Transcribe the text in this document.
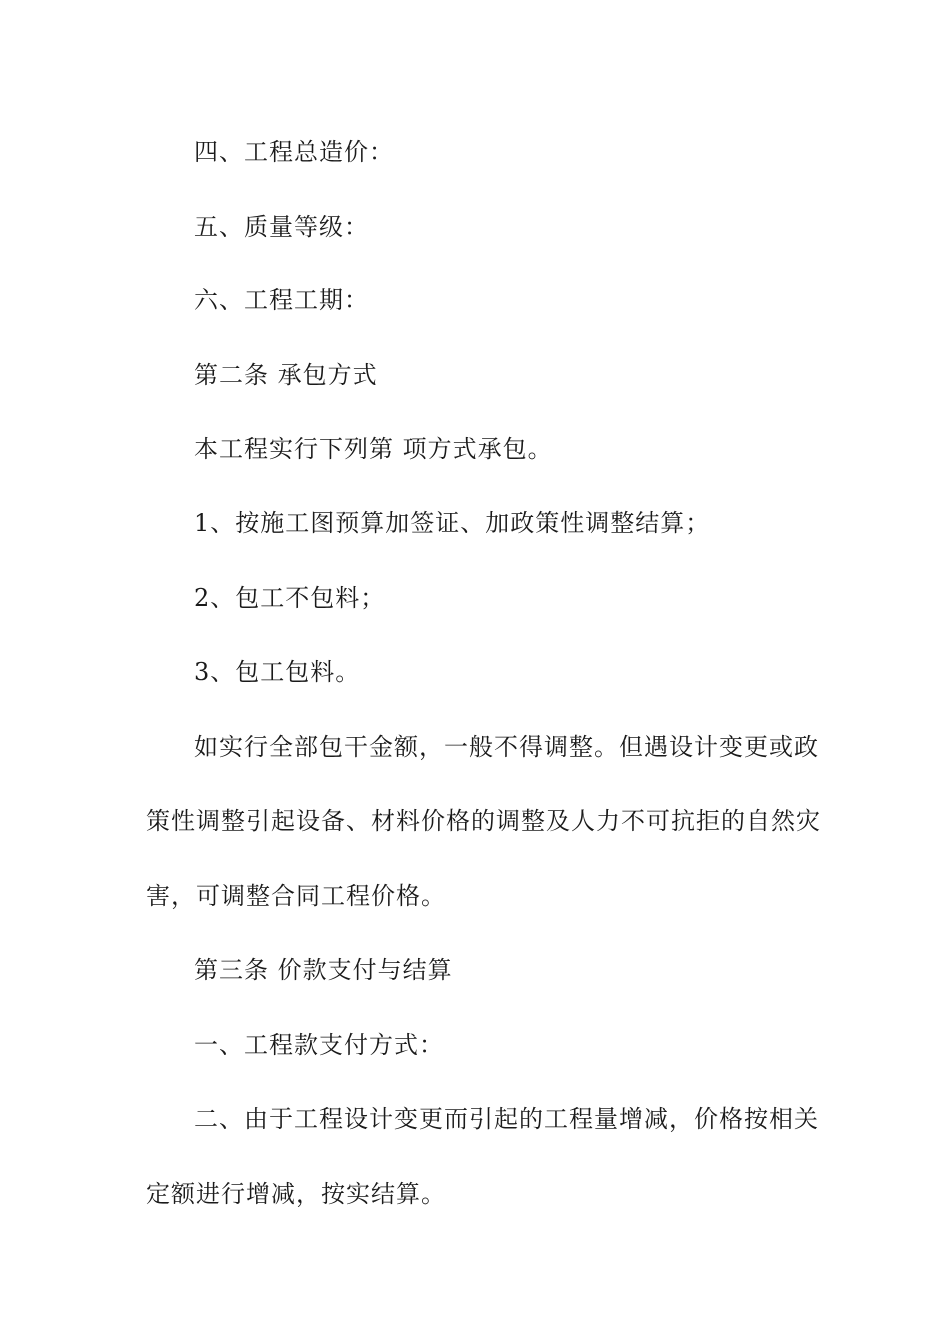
四、工程总造价：
五、质量等级：
六、工程工期：
第二条 承包方式
本工程实行下列第 项方式承包。
1、按施工图预算加签证、加政策性调整结算；
2、包工不包料；
3、包工包料。
如实行全部包干金额，一般不得调整。但遇设计变更或政
策性调整引起设备、材料价格的调整及人力不可抗拒的自然灾
害，可调整合同工程价格。
第三条 价款支付与结算
一、工程款支付方式：
二、由于工程设计变更而引起的工程量增减，价格按相关
定额进行增减，按实结算。
